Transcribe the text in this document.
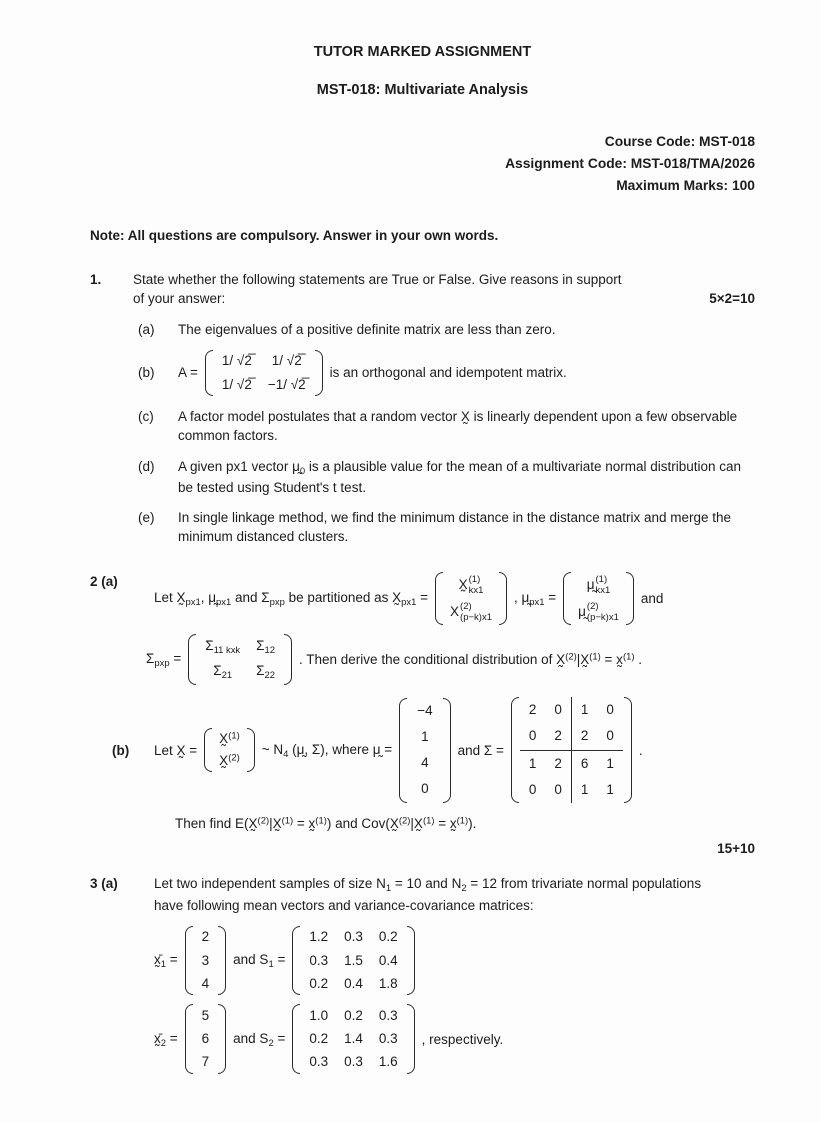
TUTOR MARKED ASSIGNMENT
MST-018: Multivariate Analysis
Course Code: MST-018
Assignment Code: MST-018/TMA/2026
Maximum Marks: 100
Note: All questions are compulsory. Answer in your own words.
1.	State whether the following statements are True or False. Give reasons in support of your answer:	5×2=10
(a)	The eigenvalues of a positive definite matrix are less than zero.
(b)	A =
1/ √2̅	1/ √2̅
1/ √2̅	−1/ √2̅
is an orthogonal and idempotent matrix.
(c)	A factor model postulates that a random vector X̰ is linearly dependent upon a few observable common factors.
(d)	A given px1 vector $\mṵ_0$ is a plausible value for the mean of a multivariate normal distribution can be tested using Student's t test.
(e)	In single linkage method, we find the minimum distance in the distance matrix and merge the minimum distanced clusters.
2 (a)
Let $X̰_{px1}$, $\mṵ_{px1}$ and $\Sigma_{pxp}$ be partitioned as $X̰_{px1}$ =
X̰ (1)
kx1
X (2)
(p−k)x1
, $\mṵ_{px1}$ =
μ̰ (1)
kx1
μ̰ (2)
(p−k)x1
and
$\Sigma_{pxp}$ =
$\Sigma_{11 kxk}$	$\Sigma_{12}$
$\Sigma_{21}$	$\Sigma_{22}$
. Then derive the conditional distribution of X̰$^{(2)}$|X̰$^{(1)}$ = x̰$^{(1)}$ .
(b)	Let X̰ =
X̰$^{(1)}$
X̰$^{(2)}$
~ $N_4$ (μ̰, Σ), where μ̰ =
−4
1
4
0
and Σ =
2	0	1	0
0	2	2	0
1	2	6	1
0	0	1	1
.
Then find E(X̰$^{(2)}$|X̰$^{(1)}$ = x̰$^{(1)}$) and Cov(X̰$^{(2)}$|X̰$^{(1)}$ = x̰$^{(1)}$).
15+10
3 (a)	Let two independent samples of size $N_1 = 10$ and $N_2 = 12$ from trivariate normal populations have following mean vectors and variance-covariance matrices:
$x̰̄_1$ =
2
3
4
and $S_1$ =
1.2	0.3	0.2
0.3	1.5	0.4
0.2	0.4	1.8
$x̰̄_2$ =
5
6
7
and $S_2$ =
1.0	0.2	0.3
0.2	1.4	0.3
0.3	0.3	1.6
, respectively.
